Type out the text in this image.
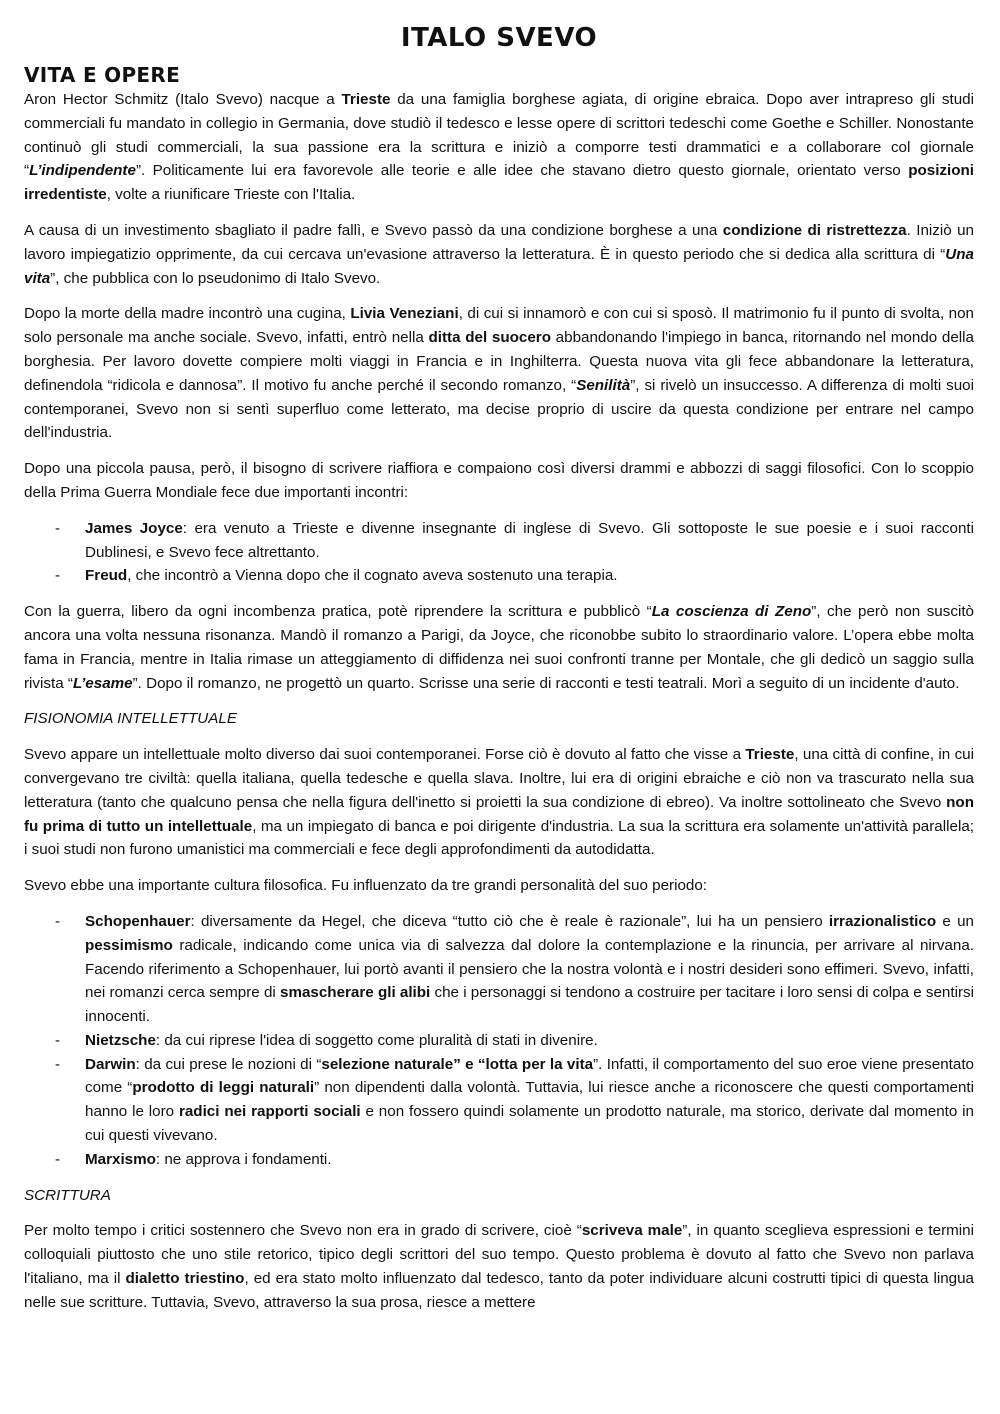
ITALO SVEVO
VITA E OPERE

Aron Hector Schmitz (Italo Svevo) nacque a Trieste da una famiglia borghese agiata, di origine ebraica. Dopo aver intrapreso gli studi commerciali fu mandato in collegio in Germania, dove studiò il tedesco e lesse opere di scrittori tedeschi come Goethe e Schiller. Nonostante continuò gli studi commerciali, la sua passione era la scrittura e iniziò a comporre testi drammatici e a collaborare col giornale “L’indipendente”. Politicamente lui era favorevole alle teorie e alle idee che stavano dietro questo giornale, orientato verso posizioni irredentiste, volte a riunificare Trieste con l'Italia.

A causa di un investimento sbagliato il padre fallì, e Svevo passò da una condizione borghese a una condizione di ristrettezza. Iniziò un lavoro impiegatizio opprimente, da cui cercava un'evasione attraverso la letteratura. È in questo periodo che si dedica alla scrittura di “Una vita”, che pubblica con lo pseudonimo di Italo Svevo.

Dopo la morte della madre incontrò una cugina, Livia Veneziani, di cui si innamorò e con cui si sposò. Il matrimonio fu il punto di svolta, non solo personale ma anche sociale. Svevo, infatti, entrò nella ditta del suocero abbandonando l'impiego in banca, ritornando nel mondo della borghesia. Per lavoro dovette compiere molti viaggi in Francia e in Inghilterra. Questa nuova vita gli fece abbandonare la letteratura, definendola “ridicola e dannosa”. Il motivo fu anche perché il secondo romanzo, “Senilità”, si rivelò un insuccesso. A differenza di molti suoi contemporanei, Svevo non si sentì superfluo come letterato, ma decise proprio di uscire da questa condizione per entrare nel campo dell'industria.

Dopo una piccola pausa, però, il bisogno di scrivere riaffiora e compaiono così diversi drammi e abbozzi di saggi filosofici. Con lo scoppio della Prima Guerra Mondiale fece due importanti incontri:

- James Joyce: era venuto a Trieste e divenne insegnante di inglese di Svevo. Gli sottoposte le sue poesie e i suoi racconti Dublinesi, e Svevo fece altrettanto.
- Freud, che incontrò a Vienna dopo che il cognato aveva sostenuto una terapia.

Con la guerra, libero da ogni incombenza pratica, potè riprendere la scrittura e pubblicò “La coscienza di Zeno”, che però non suscitò ancora una volta nessuna risonanza. Mandò il romanzo a Parigi, da Joyce, che riconobbe subito lo straordinario valore. L’opera ebbe molta fama in Francia, mentre in Italia rimase un atteggiamento di diffidenza nei suoi confronti tranne per Montale, che gli dedicò un saggio sulla rivista “L’esame”. Dopo il romanzo, ne progettò un quarto. Scrisse una serie di racconti e testi teatrali. Morì a seguito di un incidente d'auto.

FISIONOMIA INTELLETTUALE

Svevo appare un intellettuale molto diverso dai suoi contemporanei. Forse ciò è dovuto al fatto che visse a Trieste, una città di confine, in cui convergevano tre civiltà: quella italiana, quella tedesche e quella slava. Inoltre, lui era di origini ebraiche e ciò non va trascurato nella sua letteratura (tanto che qualcuno pensa che nella figura dell'inetto si proietti la sua condizione di ebreo). Va inoltre sottolineato che Svevo non fu prima di tutto un intellettuale, ma un impiegato di banca e poi dirigente d'industria. La sua la scrittura era solamente un'attività parallela; i suoi studi non furono umanistici ma commerciali e fece degli approfondimenti da autodidatta.

Svevo ebbe una importante cultura filosofica. Fu influenzato da tre grandi personalità del suo periodo:

- Schopenhauer: diversamente da Hegel, che diceva “tutto ciò che è reale è razionale”, lui ha un pensiero irrazionalistico e un pessimismo radicale, indicando come unica via di salvezza dal dolore la contemplazione e la rinuncia, per arrivare al nirvana. Facendo riferimento a Schopenhauer, lui portò avanti il pensiero che la nostra volontà e i nostri desideri sono effimeri. Svevo, infatti, nei romanzi cerca sempre di smascherare gli alibi che i personaggi si tendono a costruire per tacitare i loro sensi di colpa e sentirsi innocenti.
- Nietzsche: da cui riprese l'idea di soggetto come pluralità di stati in divenire.
- Darwin: da cui prese le nozioni di “selezione naturale” e “lotta per la vita”. Infatti, il comportamento del suo eroe viene presentato come “prodotto di leggi naturali” non dipendenti dalla volontà. Tuttavia, lui riesce anche a riconoscere che questi comportamenti hanno le loro radici nei rapporti sociali e non fossero quindi solamente un prodotto naturale, ma storico, derivate dal momento in cui questi vivevano.
- Marxismo: ne approva i fondamenti.

SCRITTURA

Per molto tempo i critici sostennero che Svevo non era in grado di scrivere, cioè “scriveva male”, in quanto sceglieva espressioni e termini colloquiali piuttosto che uno stile retorico, tipico degli scrittori del suo tempo. Questo problema è dovuto al fatto che Svevo non parlava l'italiano, ma il dialetto triestino, ed era stato molto influenzato dal tedesco, tanto da poter individuare alcuni costrutti tipici di questa lingua nelle sue scritture. Tuttavia, Svevo, attraverso la sua prosa, riesce a mettere
